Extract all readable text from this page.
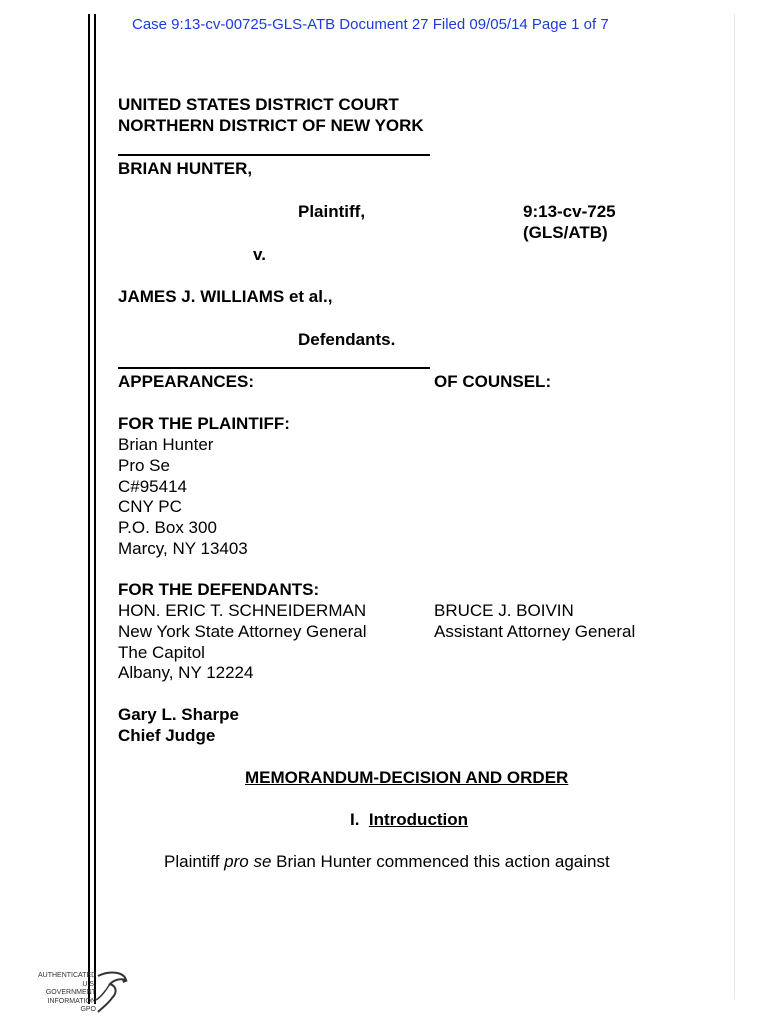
Case 9:13-cv-00725-GLS-ATB Document 27 Filed 09/05/14 Page 1 of 7
UNITED STATES DISTRICT COURT
NORTHERN DISTRICT OF NEW YORK
BRIAN HUNTER,
Plaintiff,	9:13-cv-725
(GLS/ATB)
v.
JAMES J. WILLIAMS et al.,
Defendants.
APPEARANCES:	OF COUNSEL:
FOR THE PLAINTIFF:
Brian Hunter
Pro Se
C#95414
CNY PC
P.O. Box 300
Marcy, NY 13403
FOR THE DEFENDANTS:
HON. ERIC T. SCHNEIDERMAN
New York State Attorney General
The Capitol
Albany, NY 12224
BRUCE J. BOIVIN
Assistant Attorney General
Gary L. Sharpe
Chief Judge
MEMORANDUM-DECISION AND ORDER
I. Introduction
Plaintiff pro se Brian Hunter commenced this action against
AUTHENTICATED
U.S. GOVERNMENT
INFORMATION
GPO
